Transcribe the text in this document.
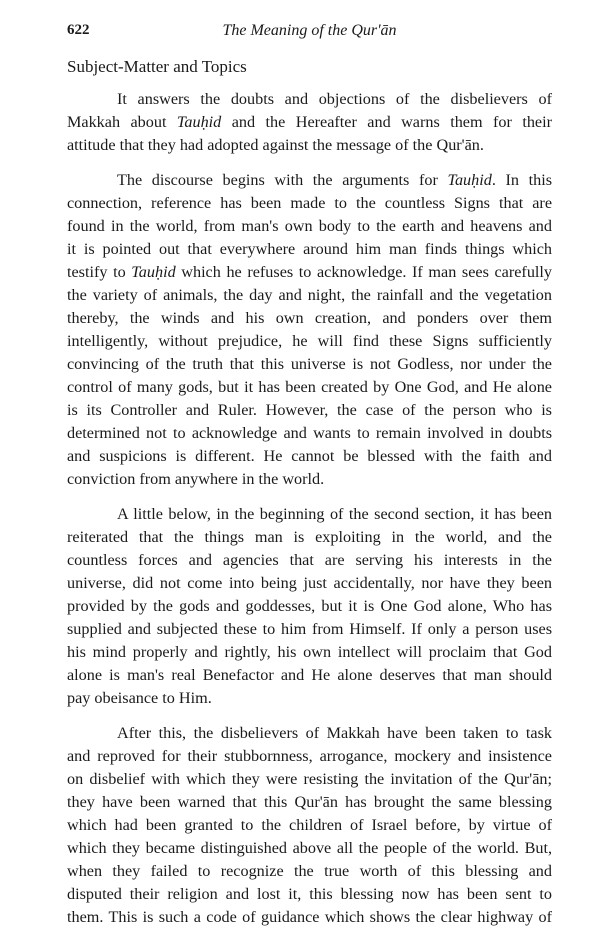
622	The Meaning of the Qur'ān
Subject-Matter and Topics

It answers the doubts and objections of the disbelievers of
Makkah about Tauḥid and the Hereafter and warns them for their
attitude that they had adopted against the message of the Qur'ān.

The discourse begins with the arguments for Tauḥid. In this
connection, reference has been made to the countless Signs that are
found in the world, from man's own body to the earth and heavens and
it is pointed out that everywhere around him man finds things which
testify to Tauḥid which he refuses to acknowledge. If man sees carefully
the variety of animals, the day and night, the rainfall and the vegetation
thereby, the winds and his own creation, and ponders over them
intelligently, without prejudice, he will find these Signs sufficiently
convincing of the truth that this universe is not Godless, nor under the
control of many gods, but it has been created by One God, and He alone
is its Controller and Ruler. However, the case of the person who is
determined not to acknowledge and wants to remain involved in doubts
and suspicions is different. He cannot be blessed with the faith and
conviction from anywhere in the world.

A little below, in the beginning of the second section, it has been
reiterated that the things man is exploiting in the world, and the
countless forces and agencies that are serving his interests in the
universe, did not come into being just accidentally, nor have they been
provided by the gods and goddesses, but it is One God alone, Who has
supplied and subjected these to him from Himself. If only a person uses
his mind properly and rightly, his own intellect will proclaim that God
alone is man's real Benefactor and He alone deserves that man should
pay obeisance to Him.

After this, the disbelievers of Makkah have been taken to task
and reproved for their stubbornness, arrogance, mockery and insistence
on disbelief with which they were resisting the invitation of the Qur'ān;
they have been warned that this Qur'ān has brought the same blessing
which had been granted to the children of Israel before, by virtue of
which they became distinguished above all the people of the world. But,
when they failed to recognize the true worth of this blessing and
disputed their religion and lost it, this blessing now has been sent to
them. This is such a code of guidance which shows the clear highway of
